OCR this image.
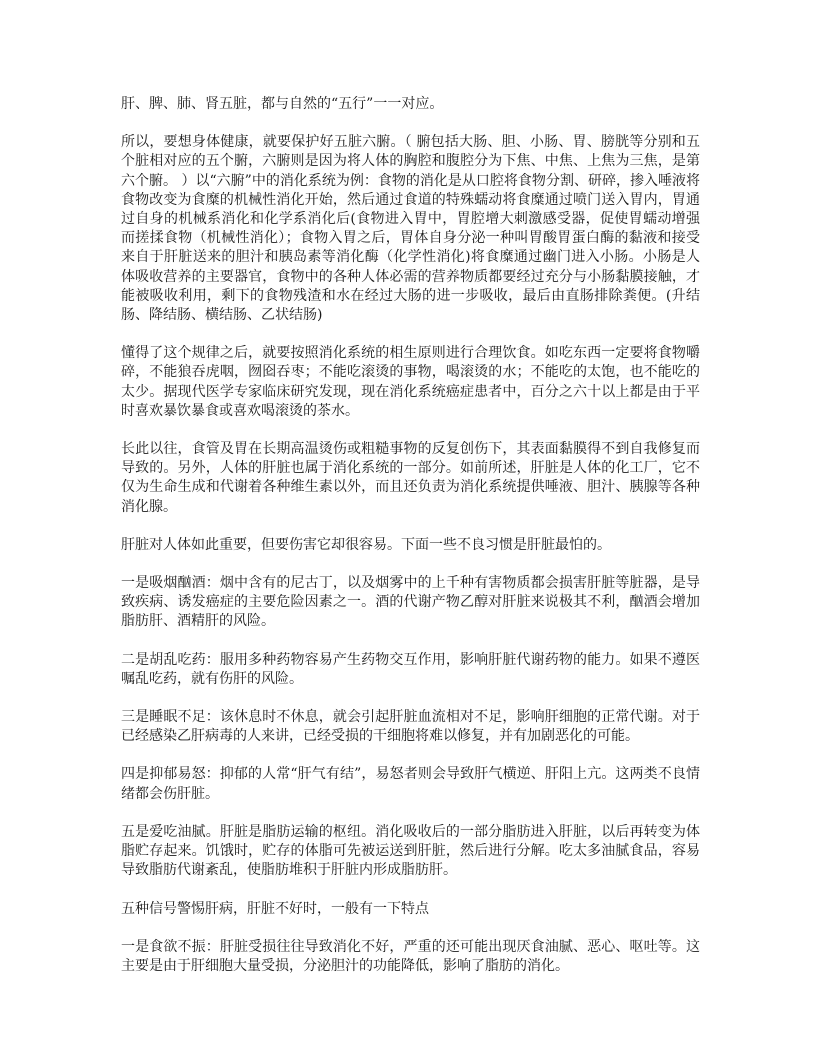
肝、脾、肺、肾五脏，都与自然的“五行”一一对应。

所以，要想身体健康，就要保护好五脏六腑。（ 腑包括大肠、胆、小肠、胃、膀胱等分别和五个脏相对应的五个腑，六腑则是因为将人体的胸腔和腹腔分为下焦、中焦、上焦为三焦，是第六个腑。 ）以“六腑”中的消化系统为例：食物的消化是从口腔将食物分割、研碎，掺入唾液将食物改变为食糜的机械性消化开始，然后通过食道的特殊蠕动将食糜通过喷门送入胃内，胃通过自身的机械系消化和化学系消化后(食物进入胃中，胃腔增大刺激感受器，促使胃蠕动增强而搓揉食物（机械性消化）；食物入胃之后，胃体自身分泌一种叫胃酸胃蛋白酶的黏液和接受来自于肝脏送来的胆汁和胰岛素等消化酶（化学性消化)将食糜通过幽门进入小肠。小肠是人体吸收营养的主要器官，食物中的各种人体必需的营养物质都要经过充分与小肠黏膜接触，才能被吸收利用，剩下的食物残渣和水在经过大肠的进一步吸收，最后由直肠排除粪便。(升结肠、降结肠、横结肠、乙状结肠)

懂得了这个规律之后，就要按照消化系统的相生原则进行合理饮食。如吃东西一定要将食物嚼碎，不能狼吞虎咽，囫囵吞枣；不能吃滚烫的事物，喝滚烫的水；不能吃的太饱，也不能吃的太少。据现代医学专家临床研究发现，现在消化系统癌症患者中，百分之六十以上都是由于平时喜欢暴饮暴食或喜欢喝滚烫的茶水。

长此以往，食管及胃在长期高温烫伤或粗糙事物的反复创伤下，其表面黏膜得不到自我修复而导致的。另外，人体的肝脏也属于消化系统的一部分。如前所述，肝脏是人体的化工厂，它不仅为生命生成和代谢着各种维生素以外，而且还负责为消化系统提供唾液、胆汁、胰腺等各种消化腺。

肝脏对人体如此重要，但要伤害它却很容易。下面一些不良习惯是肝脏最怕的。

一是吸烟酗酒：烟中含有的尼古丁，以及烟雾中的上千种有害物质都会损害肝脏等脏器，是导致疾病、诱发癌症的主要危险因素之一。酒的代谢产物乙醇对肝脏来说极其不利，酗酒会增加脂肪肝、酒精肝的风险。

二是胡乱吃药：服用多种药物容易产生药物交互作用，影响肝脏代谢药物的能力。如果不遵医嘱乱吃药，就有伤肝的风险。

三是睡眠不足：该休息时不休息，就会引起肝脏血流相对不足，影响肝细胞的正常代谢。对于已经感染乙肝病毒的人来讲，已经受损的干细胞将难以修复，并有加剧恶化的可能。

四是抑郁易怒：抑郁的人常“肝气有结”，易怒者则会导致肝气横逆、肝阳上亢。这两类不良情绪都会伤肝脏。

五是爱吃油腻。肝脏是脂肪运输的枢纽。消化吸收后的一部分脂肪进入肝脏，以后再转变为体脂贮存起来。饥饿时，贮存的体脂可先被运送到肝脏，然后进行分解。吃太多油腻食品，容易导致脂肪代谢紊乱，使脂肪堆积于肝脏内形成脂肪肝。

五种信号警惕肝病，肝脏不好时，一般有一下特点

一是食欲不振：肝脏受损往往导致消化不好，严重的还可能出现厌食油腻、恶心、呕吐等。这主要是由于肝细胞大量受损，分泌胆汁的功能降低，影响了脂肪的消化。
